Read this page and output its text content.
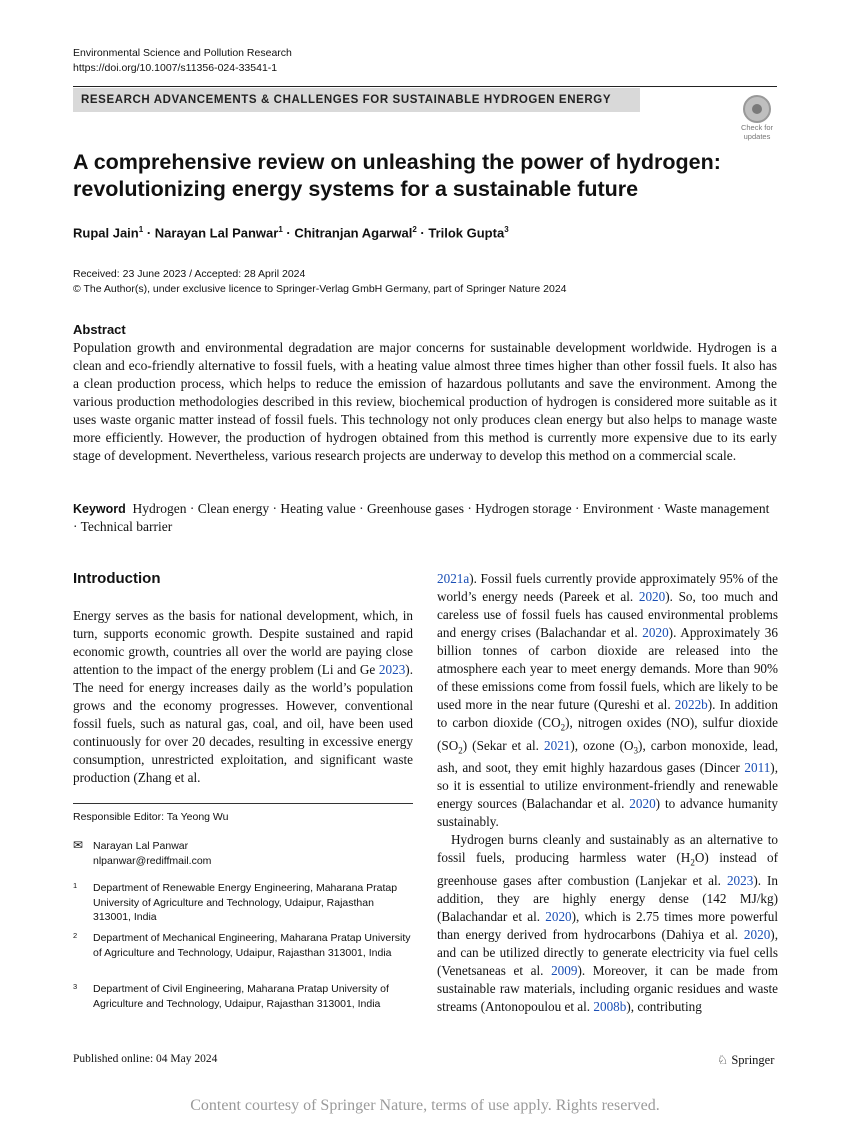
Environmental Science and Pollution Research
https://doi.org/10.1007/s11356-024-33541-1
RESEARCH ADVANCEMENTS & CHALLENGES FOR SUSTAINABLE HYDROGEN ENERGY
Check for
updates
A comprehensive review on unleashing the power of hydrogen: revolutionizing energy systems for a sustainable future
Rupal Jain$^1$ · Narayan Lal Panwar$^1$ · Chitranjan Agarwal$^2$ · Trilok Gupta$^3$
Received: 23 June 2023 / Accepted: 28 April 2024
© The Author(s), under exclusive licence to Springer-Verlag GmbH Germany, part of Springer Nature 2024
Abstract

Population growth and environmental degradation are major concerns for sustainable development worldwide. Hydrogen is a clean and eco-friendly alternative to fossil fuels, with a heating value almost three times higher than other fossil fuels. It also has a clean production process, which helps to reduce the emission of hazardous pollutants and save the environment. Among the various production methodologies described in this review, biochemical production of hydrogen is considered more suitable as it uses waste organic matter instead of fossil fuels. This technology not only produces clean energy but also helps to manage waste more efficiently. However, the production of hydrogen obtained from this method is currently more expensive due to its early stage of development. Nevertheless, various research projects are underway to develop this method on a commercial scale.

Keyword Hydrogen · Clean energy · Heating value · Greenhouse gases · Hydrogen storage · Environment · Waste management · Technical barrier

Introduction

Energy serves as the basis for national development, which, in turn, supports economic growth. Despite sustained and rapid economic growth, countries all over the world are paying close attention to the impact of the energy problem (Li and Ge 2023). The need for energy increases daily as the world’s population grows and the economy progresses. However, conventional fossil fuels, such as natural gas, coal, and oil, have been used continuously for over 20 decades, resulting in excessive energy consumption, unrestricted exploitation, and significant waste production (Zhang et al.

2021a). Fossil fuels currently provide approximately 95% of the world’s energy needs (Pareek et al. 2020). So, too much and careless use of fossil fuels has caused environmental problems and energy crises (Balachandar et al. 2020). Approximately 36 billion tonnes of carbon dioxide are released into the atmosphere each year to meet energy demands. More than 90% of these emissions come from fossil fuels, which are likely to be used more in the near future (Qureshi et al. 2022b). In addition to carbon dioxide $(CO_2)$, nitrogen oxides (NO), sulfur dioxide $(SO_2)$ (Sekar et al. 2021), ozone $(O_3)$, carbon monoxide, lead, ash, and soot, they emit highly hazardous gases (Dincer 2011), so it is essential to utilize environment-friendly and renewable energy sources (Balachandar et al. 2020) to advance humanity sustainably.

Hydrogen burns cleanly and sustainably as an alternative to fossil fuels, producing harmless water $(H_2O)$ instead of greenhouse gases after combustion (Lanjekar et al. 2023). In addition, they are highly energy dense (142 MJ/kg) (Balachandar et al. 2020), which is 2.75 times more powerful than energy derived from hydrocarbons (Dahiya et al. 2020), and can be utilized directly to generate electricity via fuel cells (Venetsaneas et al. 2009). Moreover, it can be made from sustainable raw materials, including organic residues and waste streams (Antonopoulou et al. 2008b), contributing

Responsible Editor: Ta Yeong Wu
✉ Narayan Lal Panwar
nlpanwar@rediffmail.com
1 Department of Renewable Energy Engineering, Maharana Pratap University of Agriculture and Technology, Udaipur, Rajasthan 313001, India
2 Department of Mechanical Engineering, Maharana Pratap University of Agriculture and Technology, Udaipur, Rajasthan 313001, India
3 Department of Civil Engineering, Maharana Pratap University of Agriculture and Technology, Udaipur, Rajasthan 313001, India
Published online: 04 May 2024	♘ Springer
Content courtesy of Springer Nature, terms of use apply. Rights reserved.
